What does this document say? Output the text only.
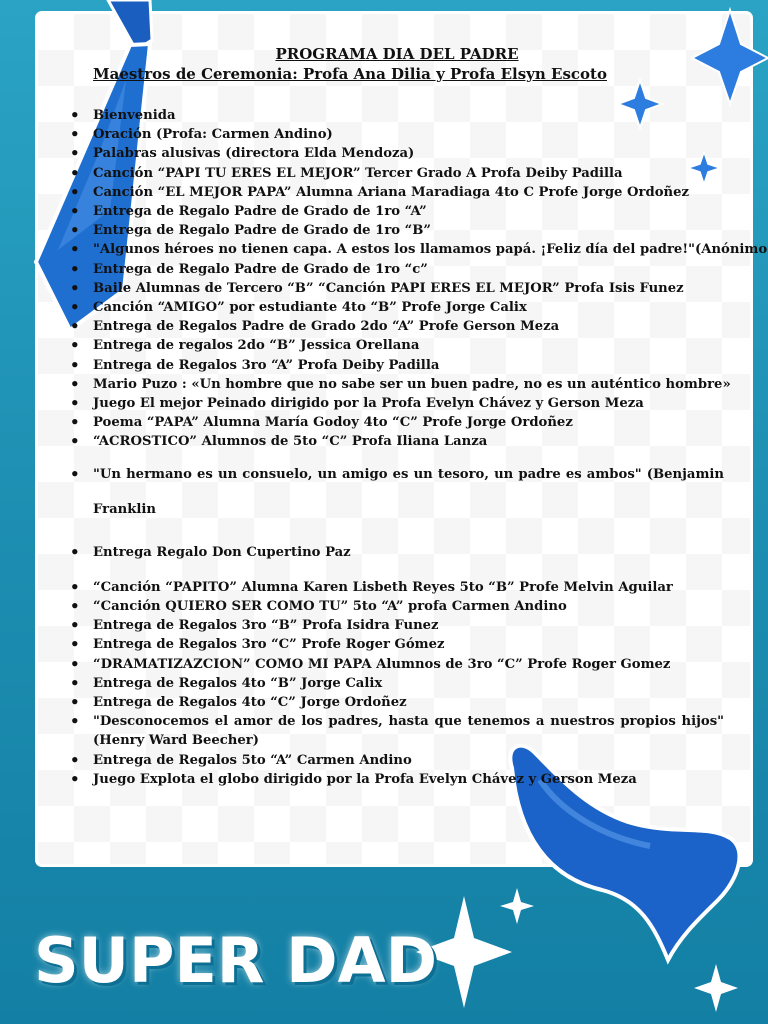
PROGRAMA DIA DEL PADRE

Maestros de Ceremonia: Profa Ana Dilia y Profa Elsyn Escoto

• Bienvenida
• Oración (Profa: Carmen Andino)
• Palabras alusivas (directora Elda Mendoza)
• Canción “PAPI TU ERES EL MEJOR” Tercer Grado A Profa Deiby Padilla
• Canción “EL MEJOR PAPA” Alumna Ariana Maradiaga 4to C Profe Jorge Ordoñez
• Entrega de Regalo Padre de Grado de 1ro “A”
• Entrega de Regalo Padre de Grado de 1ro “B”
• "Algunos héroes no tienen capa. A estos los llamamos papá. ¡Feliz día del padre!"(Anónimo
• Entrega de Regalo Padre de Grado de 1ro “c”
• Baile Alumnas de Tercero “B” “Canción PAPI ERES EL MEJOR” Profa Isis Funez
• Canción “AMIGO” por estudiante 4to “B” Profe Jorge Calix
• Entrega de Regalos Padre de Grado 2do “A” Profe Gerson Meza
• Entrega de regalos 2do “B” Jessica Orellana
• Entrega de Regalos 3ro “A” Profa Deiby Padilla
• Mario Puzo : «Un hombre que no sabe ser un buen padre, no es un auténtico hombre»
• Juego El mejor Peinado dirigido por la Profa Evelyn Chávez y Gerson Meza
• Poema “PAPA” Alumna María Godoy 4to “C” Profe Jorge Ordoñez
• “ACROSTICO” Alumnos de 5to “C” Profa Iliana Lanza
• "Un hermano es un consuelo, un amigo es un tesoro, un padre es ambos" (Benjamin Franklin
• Entrega Regalo Don Cupertino Paz
• “Canción “PAPITO” Alumna Karen Lisbeth Reyes 5to “B” Profe Melvin Aguilar
• “Canción QUIERO SER COMO TU” 5to “A” profa Carmen Andino
• Entrega de Regalos 3ro “B” Profa Isidra Funez
• Entrega de Regalos 3ro “C” Profe Roger Gómez
• “DRAMATIZAZCION” COMO MI PAPA Alumnos de 3ro “C” Profe Roger Gomez
• Entrega de Regalos 4to “B” Jorge Calix
• Entrega de Regalos 4to “C” Jorge Ordoñez
• "Desconocemos el amor de los padres, hasta que tenemos a nuestros propios hijos" (Henry Ward Beecher)
• Entrega de Regalos 5to “A” Carmen Andino
• Juego Explota el globo dirigido por la Profa Evelyn Chávez y Gerson Meza
SUPER DAD
